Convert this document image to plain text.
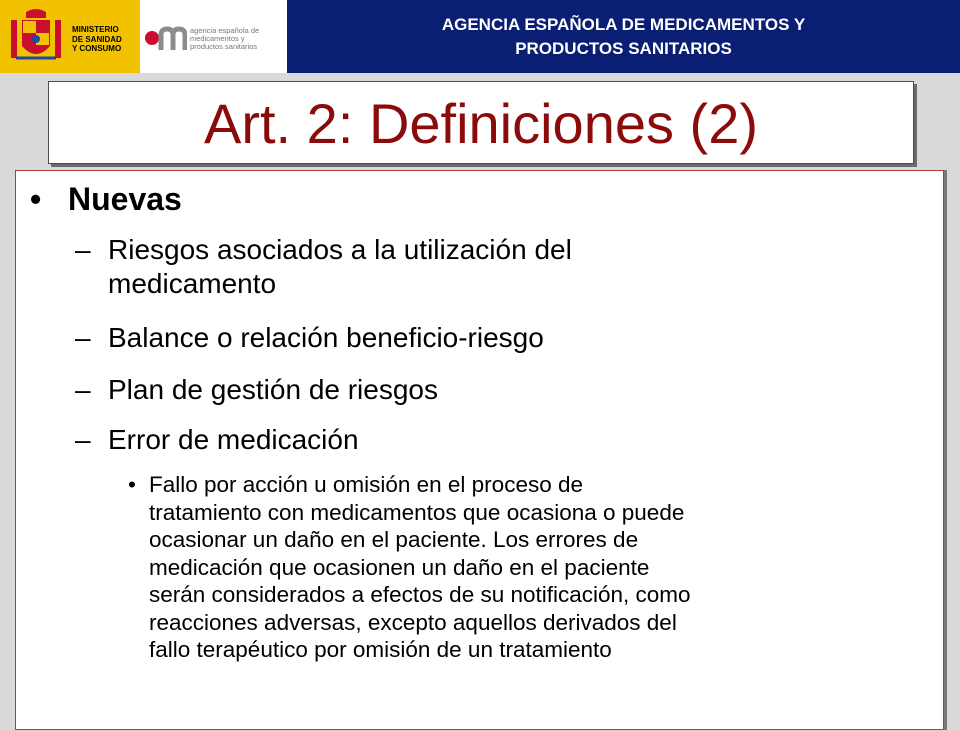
MINISTERIO
DE SANIDAD
Y CONSUMO
agencia española de
medicamentos y
productos sanitarios
AGENCIA ESPAÑOLA DE MEDICAMENTOS Y
PRODUCTOS SANITARIOS
Art. 2: Definiciones (2)

• Nuevas

– Riesgos asociados a la utilización del
medicamento
– Balance o relación beneficio-riesgo
– Plan de gestión de riesgos
– Error de medicación
• Fallo por acción u omisión en el proceso de
tratamiento con medicamentos que ocasiona o puede
ocasionar un daño en el paciente. Los errores de
medicación que ocasionen un daño en el paciente
serán considerados a efectos de su notificación, como
reacciones adversas, excepto aquellos derivados del
fallo terapéutico por omisión de un tratamiento
